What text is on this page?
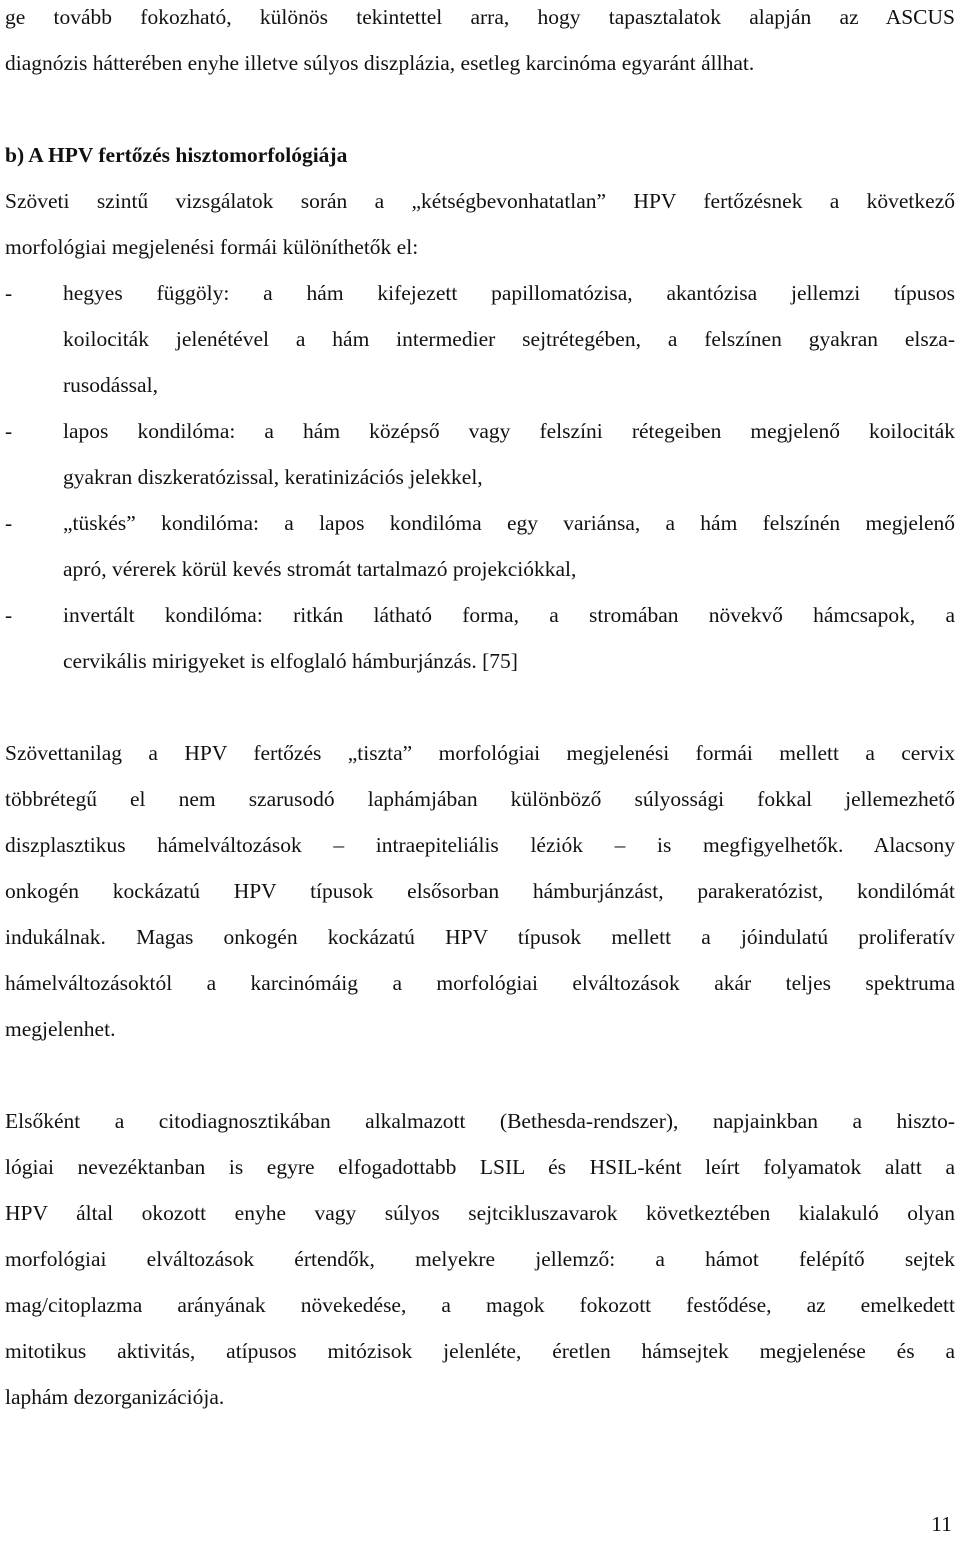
ge tovább fokozható, különös tekintettel arra, hogy tapasztalatok alapján az ASCUS
diagnózis hátterében enyhe illetve súlyos diszplázia, esetleg karcinóma egyaránt állhat.
b) A HPV fertőzés hisztomorfológiája
Szöveti szintű vizsgálatok során a „kétségbevonhatatlan” HPV fertőzésnek a következő
morfológiai megjelenési formái különíthetők el:
-	hegyes függöly: a hám kifejezett papillomatózisa, akantózisa jellemzi típusos
koilociták jelenétével a hám intermedier sejtrétegében, a felszínen gyakran elsza-
rusodással,
-	lapos kondilóma: a hám középső vagy felszíni rétegeiben megjelenő koilociták
gyakran diszkeratózissal, keratinizációs jelekkel,
-	„tüskés” kondilóma: a lapos kondilóma egy variánsa, a hám felszínén megjelenő
apró, vérerek körül kevés stromát tartalmazó projekciókkal,
-	invertált kondilóma: ritkán látható forma, a stromában növekvő hámcsapok, a
cervikális mirigyeket is elfoglaló hámburjánzás. [75]
Szövettanilag a HPV fertőzés „tiszta” morfológiai megjelenési formái mellett a cervix
többrétegű el nem szarusodó laphámjában különböző súlyossági fokkal jellemezhető
diszplasztikus hámelváltozások – intraepiteliális léziók – is megfigyelhetők. Alacsony
onkogén kockázatú HPV típusok elsősorban hámburjánzást, parakeratózist, kondilómát
indukálnak. Magas onkogén kockázatú HPV típusok mellett a jóindulatú proliferatív
hámelváltozásoktól a karcinómáig a morfológiai elváltozások akár teljes spektruma
megjelenhet.
Elsőként a citodiagnosztikában alkalmazott (Bethesda-rendszer), napjainkban a hiszto-
lógiai nevezéktanban is egyre elfogadottabb LSIL és HSIL-ként leírt folyamatok alatt a
HPV által okozott enyhe vagy súlyos sejtcikluszavarok következtében kialakuló olyan
morfológiai elváltozások értendők, melyekre jellemző: a hámot felépítő sejtek
mag/citoplazma arányának növekedése, a magok fokozott festődése, az emelkedett
mitotikus aktivitás, atípusos mitózisok jelenléte, éretlen hámsejtek megjelenése és a
laphám dezorganizációja.
11
